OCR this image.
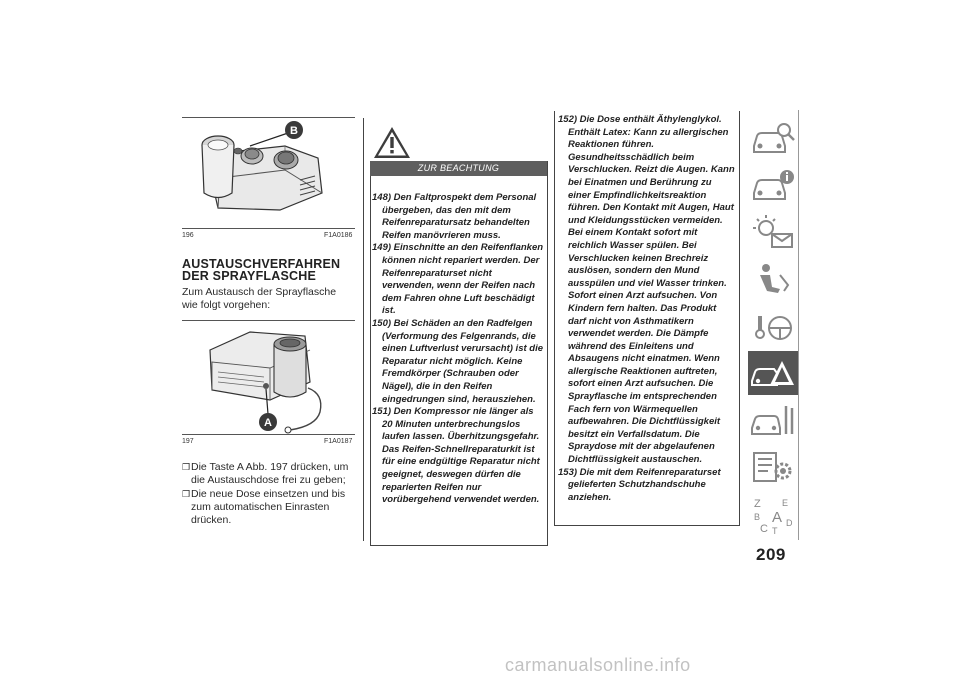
B
196	F1A0186
AUSTAUSCHVERFAHREN DER SPRAYFLASCHE
Zum Austausch der Sprayflasche wie folgt vorgehen:
A
197	F1A0187
❒ Die Taste A Abb. 197 drücken, um die Austauschdose frei zu geben;
❒ Die neue Dose einsetzen und bis zum automatischen Einrasten drücken.
ZUR BEACHTUNG

148) Den Faltprospekt dem Personal übergeben, das den mit dem Reifenreparatursatz behandelten Reifen manövrieren muss.

149) Einschnitte an den Reifenflanken können nicht repariert werden. Der Reifenreparaturset nicht verwenden, wenn der Reifen nach dem Fahren ohne Luft beschädigt ist.

150) Bei Schäden an den Radfelgen (Verformung des Felgenrands, die einen Luftverlust verursacht) ist die Reparatur nicht möglich. Keine Fremdkörper (Schrauben oder Nägel), die in den Reifen eingedrungen sind, herausziehen.

151) Den Kompressor nie länger als 20 Minuten unterbrechungslos laufen lassen. Überhitzungsgefahr. Das Reifen-Schnellreparaturkit ist für eine endgültige Reparatur nicht geeignet, deswegen dürfen die reparierten Reifen nur vorübergehend verwendet werden.

152) Die Dose enthält Äthylenglykol. Enthält Latex: Kann zu allergischen Reaktionen führen. Gesundheitsschädlich beim Verschlucken. Reizt die Augen. Kann bei Einatmen und Berührung zu einer Empfindlichkeitsreaktion führen. Den Kontakt mit Augen, Haut und Kleidungsstücken vermeiden. Bei einem Kontakt sofort mit reichlich Wasser spülen. Bei Verschlucken keinen Brechreiz auslösen, sondern den Mund ausspülen und viel Wasser trinken. Sofort einen Arzt aufsuchen. Von Kindern fern halten. Das Produkt darf nicht von Asthmatikern verwendet werden. Die Dämpfe während des Einleitens und Absaugens nicht einatmen. Wenn allergische Reaktionen auftreten, sofort einen Arzt aufsuchen. Die Sprayflasche im entsprechenden Fach fern von Wärmequellen aufbewahren. Die Dichtflüssigkeit besitzt ein Verfallsdatum. Die Spraydose mit der abgelaufenen Dichtflüssigkeit austauschen.

153) Die mit dem Reifenreparaturset gelieferten Schutzhandschuhe anziehen.

Z E
B A
C T
D
209
carmanualsonline.info
